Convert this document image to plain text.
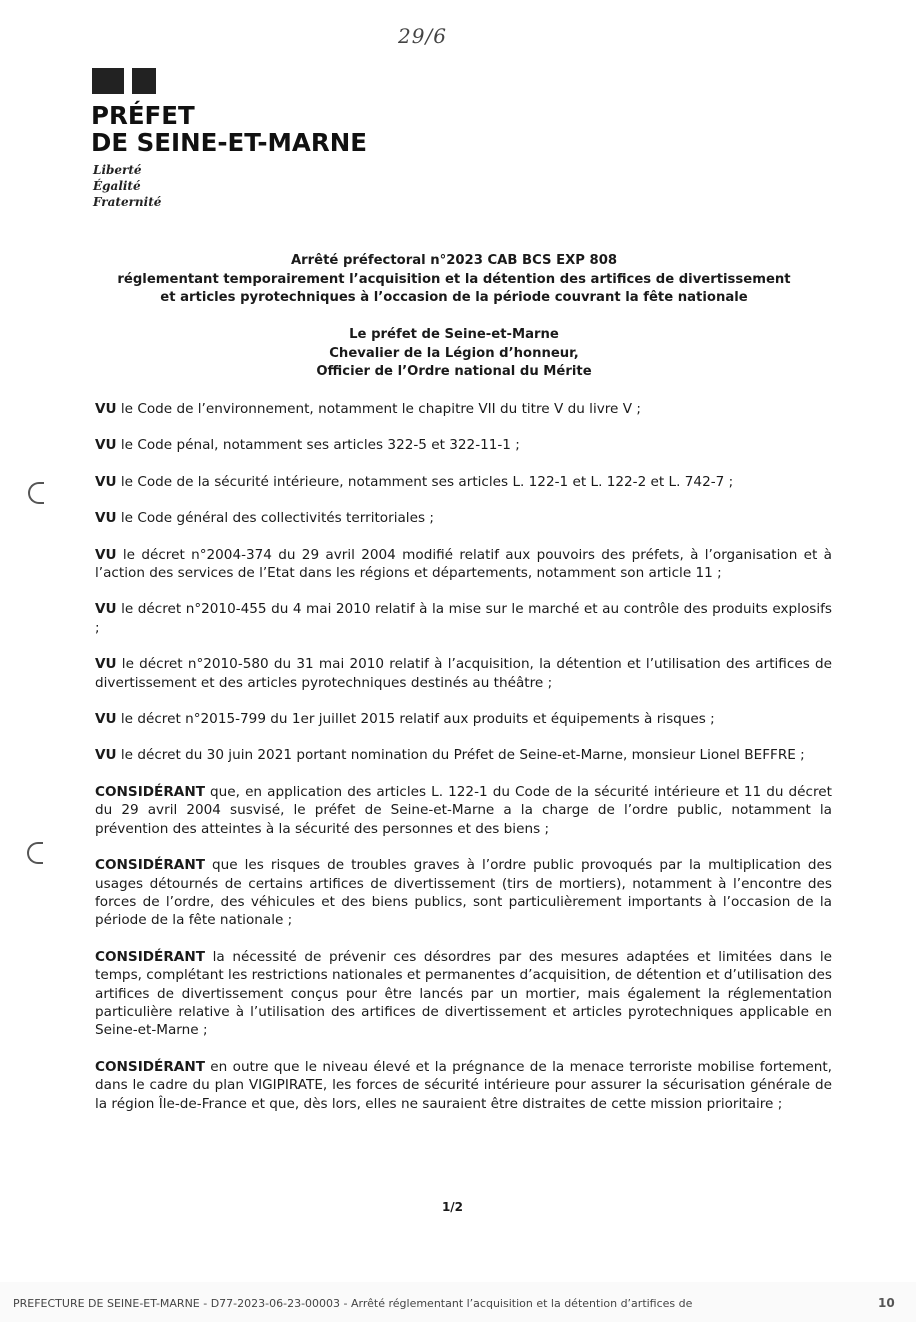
29/6
PRÉFET
DE SEINE-ET-MARNE
Liberté
Égalité
Fraternité
Arrêté préfectoral n°2023 CAB BCS EXP 808
réglementant temporairement l’acquisition et la détention des artifices de divertissement
et articles pyrotechniques à l’occasion de la période couvrant la fête nationale
Le préfet de Seine-et-Marne
Chevalier de la Légion d’honneur,
Officier de l’Ordre national du Mérite

VU le Code de l’environnement, notamment le chapitre VII du titre V du livre V ;

VU le Code pénal, notamment ses articles 322-5 et 322-11-1 ;

VU le Code de la sécurité intérieure, notamment ses articles L. 122-1 et L. 122-2 et L. 742-7 ;

VU le Code général des collectivités territoriales ;

VU le décret n°2004-374 du 29 avril 2004 modifié relatif aux pouvoirs des préfets, à l’organisation et à l’action des services de l’Etat dans les régions et départements, notamment son article 11 ;

VU le décret n°2010-455 du 4 mai 2010 relatif à la mise sur le marché et au contrôle des produits explosifs ;

VU le décret n°2010-580 du 31 mai 2010 relatif à l’acquisition, la détention et l’utilisation des artifices de divertissement et des articles pyrotechniques destinés au théâtre ;

VU le décret n°2015-799 du 1er juillet 2015 relatif aux produits et équipements à risques ;

VU le décret du 30 juin 2021 portant nomination du Préfet de Seine-et-Marne, monsieur Lionel BEFFRE ;

CONSIDÉRANT que, en application des articles L. 122-1 du Code de la sécurité intérieure et 11 du décret du 29 avril 2004 susvisé, le préfet de Seine-et-Marne a la charge de l’ordre public, notamment la prévention des atteintes à la sécurité des personnes et des biens ;

CONSIDÉRANT que les risques de troubles graves à l’ordre public provoqués par la multiplication des usages détournés de certains artifices de divertissement (tirs de mortiers), notamment à l’encontre des forces de l’ordre, des véhicules et des biens publics, sont particulièrement importants à l’occasion de la période de la fête nationale ;

CONSIDÉRANT la nécessité de prévenir ces désordres par des mesures adaptées et limitées dans le temps, complétant les restrictions nationales et permanentes d’acquisition, de détention et d’utilisation des artifices de divertissement conçus pour être lancés par un mortier, mais également la réglementation particulière relative à l’utilisation des artifices de divertissement et articles pyrotechniques applicable en Seine-et-Marne ;

CONSIDÉRANT en outre que le niveau élevé et la prégnance de la menace terroriste mobilise fortement, dans le cadre du plan VIGIPIRATE, les forces de sécurité intérieure pour assurer la sécurisation générale de la région Île-de-France et que, dès lors, elles ne sauraient être distraites de cette mission prioritaire ;

1/2
PREFECTURE DE SEINE-ET-MARNE - D77-2023-06-23-00003 - Arrêté réglementant l’acquisition et la détention d’artifices de	10
